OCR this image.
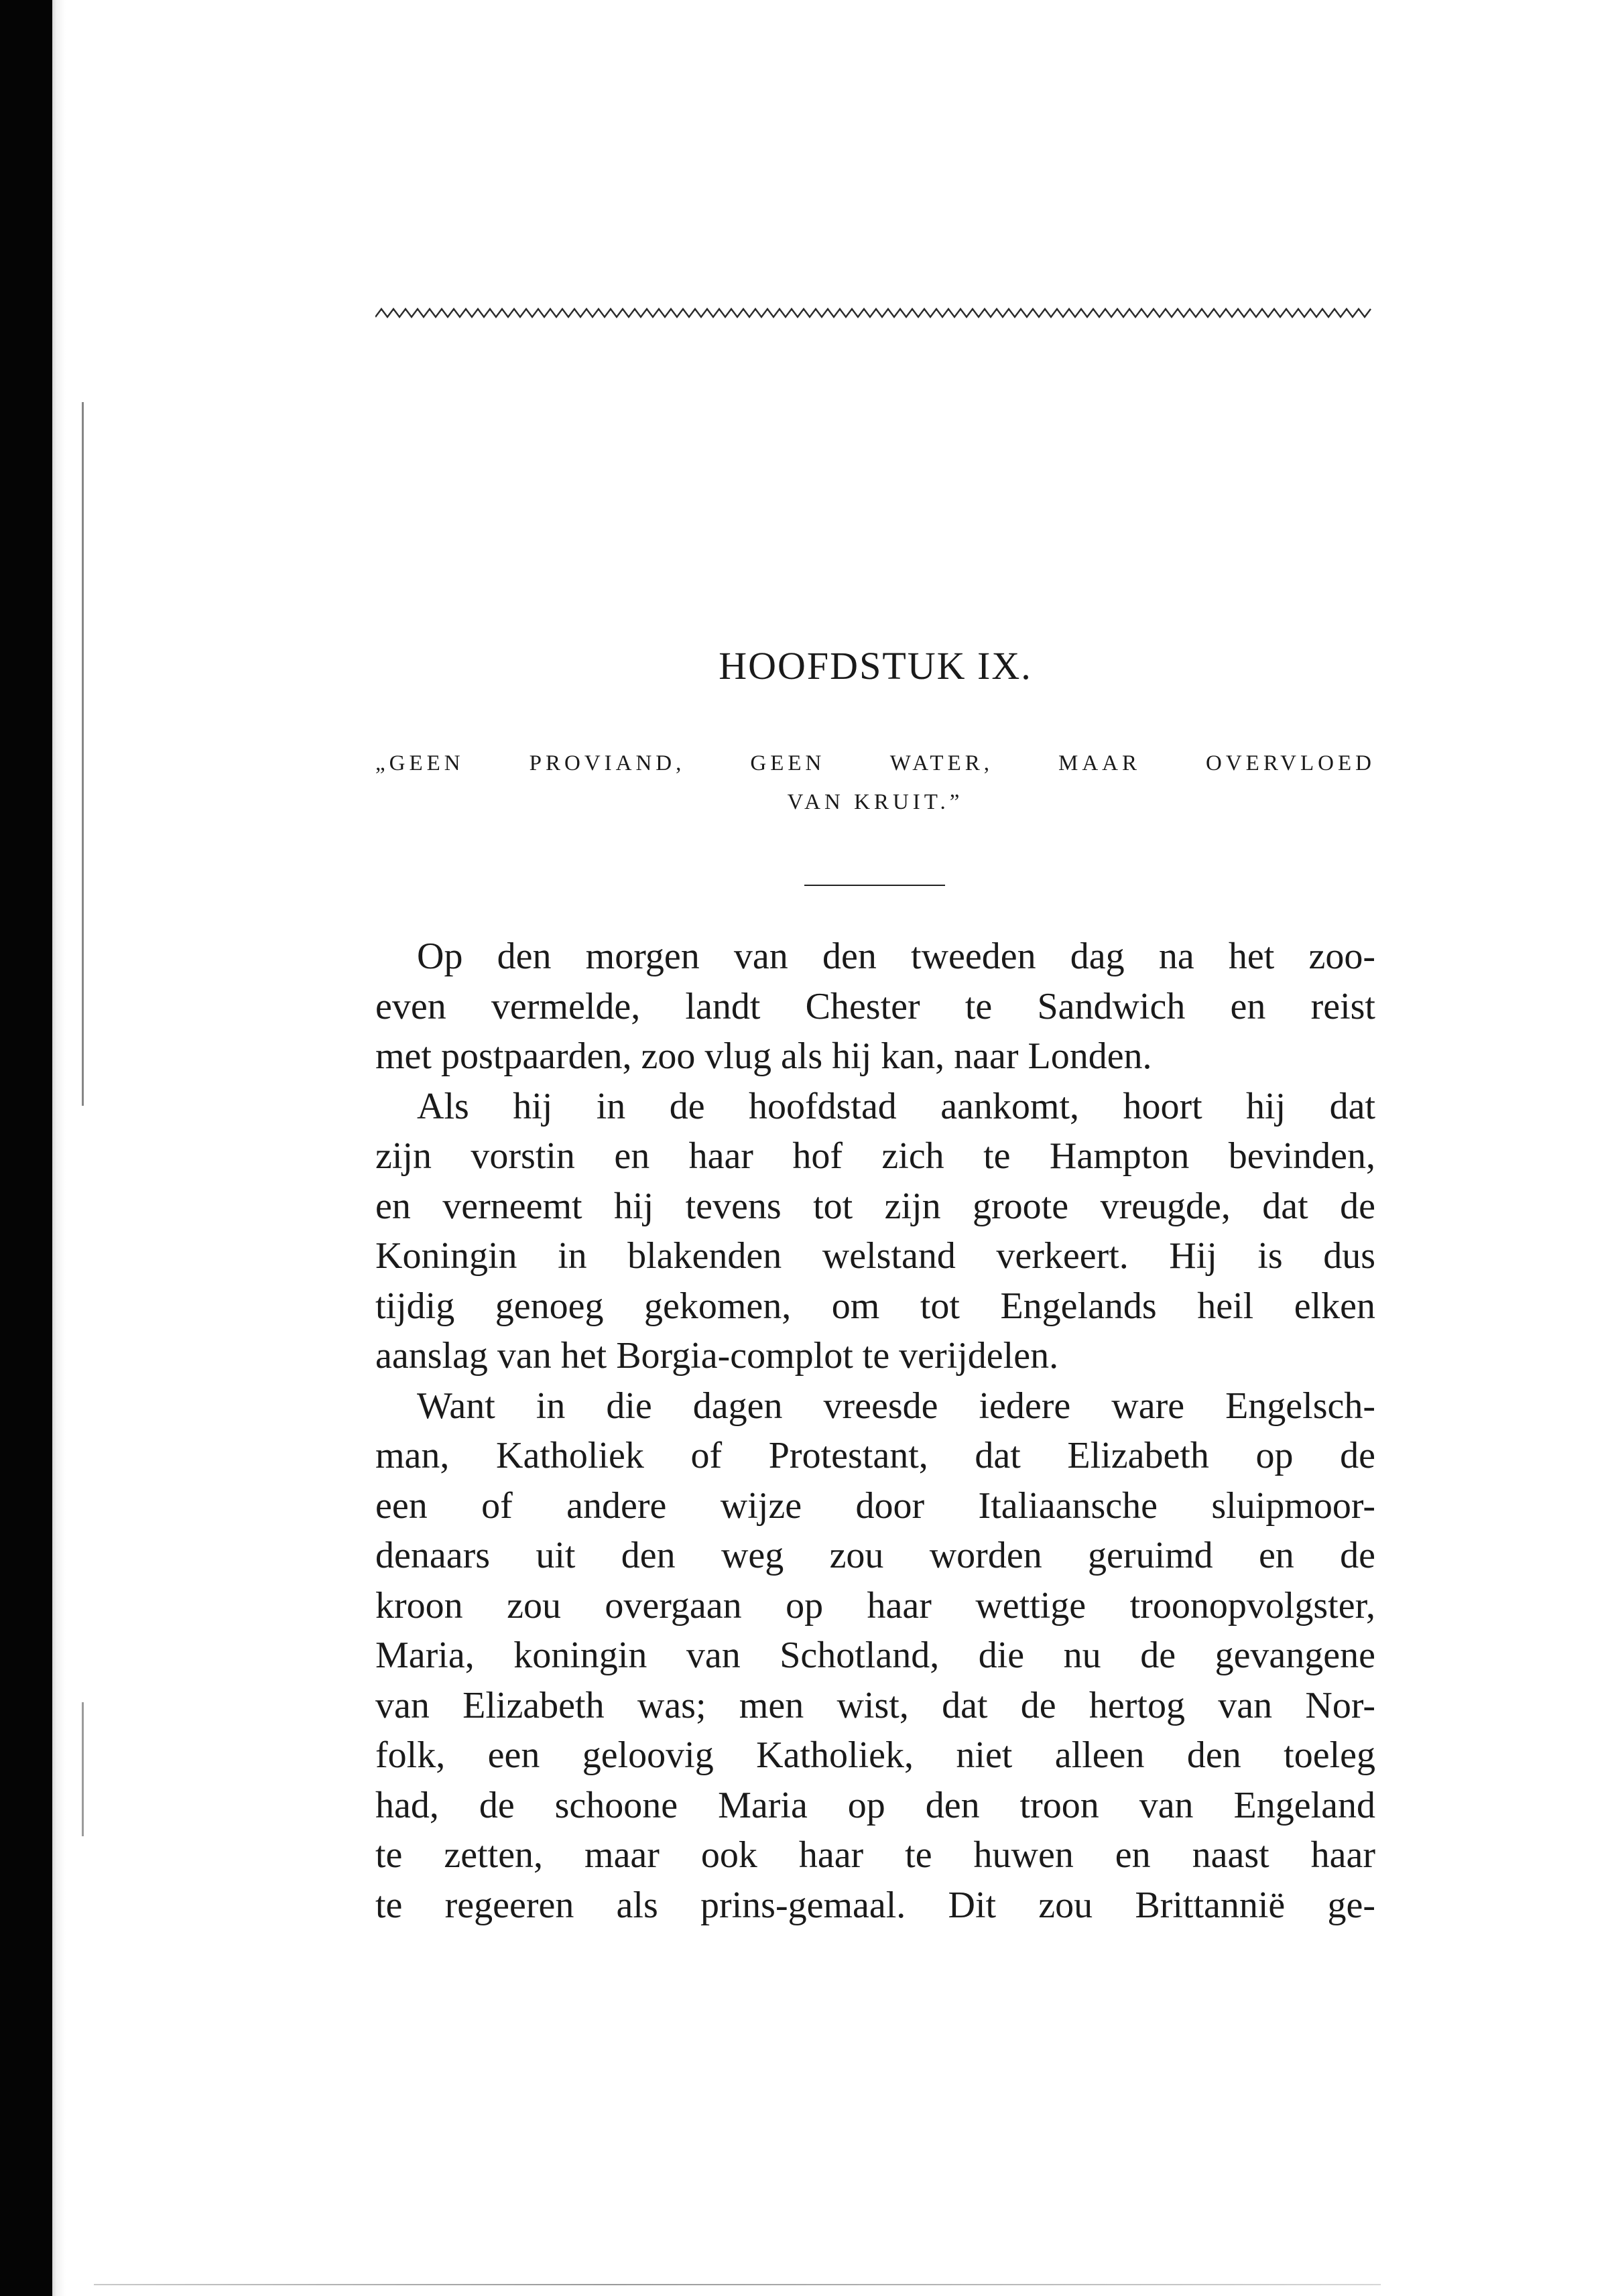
HOOFDSTUK IX.
„GEEN PROVIAND, GEEN WATER, MAAR OVERVLOED
VAN KRUIT.”
Op den morgen van den tweeden dag na het zoo-
even vermelde, landt Chester te Sandwich en reist
met postpaarden, zoo vlug als hij kan, naar Londen.
Als hij in de hoofdstad aankomt, hoort hij dat
zijn vorstin en haar hof zich te Hampton bevinden,
en verneemt hij tevens tot zijn groote vreugde, dat de
Koningin in blakenden welstand verkeert. Hij is dus
tijdig genoeg gekomen, om tot Engelands heil elken
aanslag van het Borgia-complot te verijdelen.
Want in die dagen vreesde iedere ware Engelsch-
man, Katholiek of Protestant, dat Elizabeth op de
een of andere wijze door Italiaansche sluipmoor-
denaars uit den weg zou worden geruimd en de
kroon zou overgaan op haar wettige troonopvolgster,
Maria, koningin van Schotland, die nu de gevangene
van Elizabeth was; men wist, dat de hertog van Nor-
folk, een geloovig Katholiek, niet alleen den toeleg
had, de schoone Maria op den troon van Engeland
te zetten, maar ook haar te huwen en naast haar
te regeeren als prins-gemaal. Dit zou Brittannië ge-
